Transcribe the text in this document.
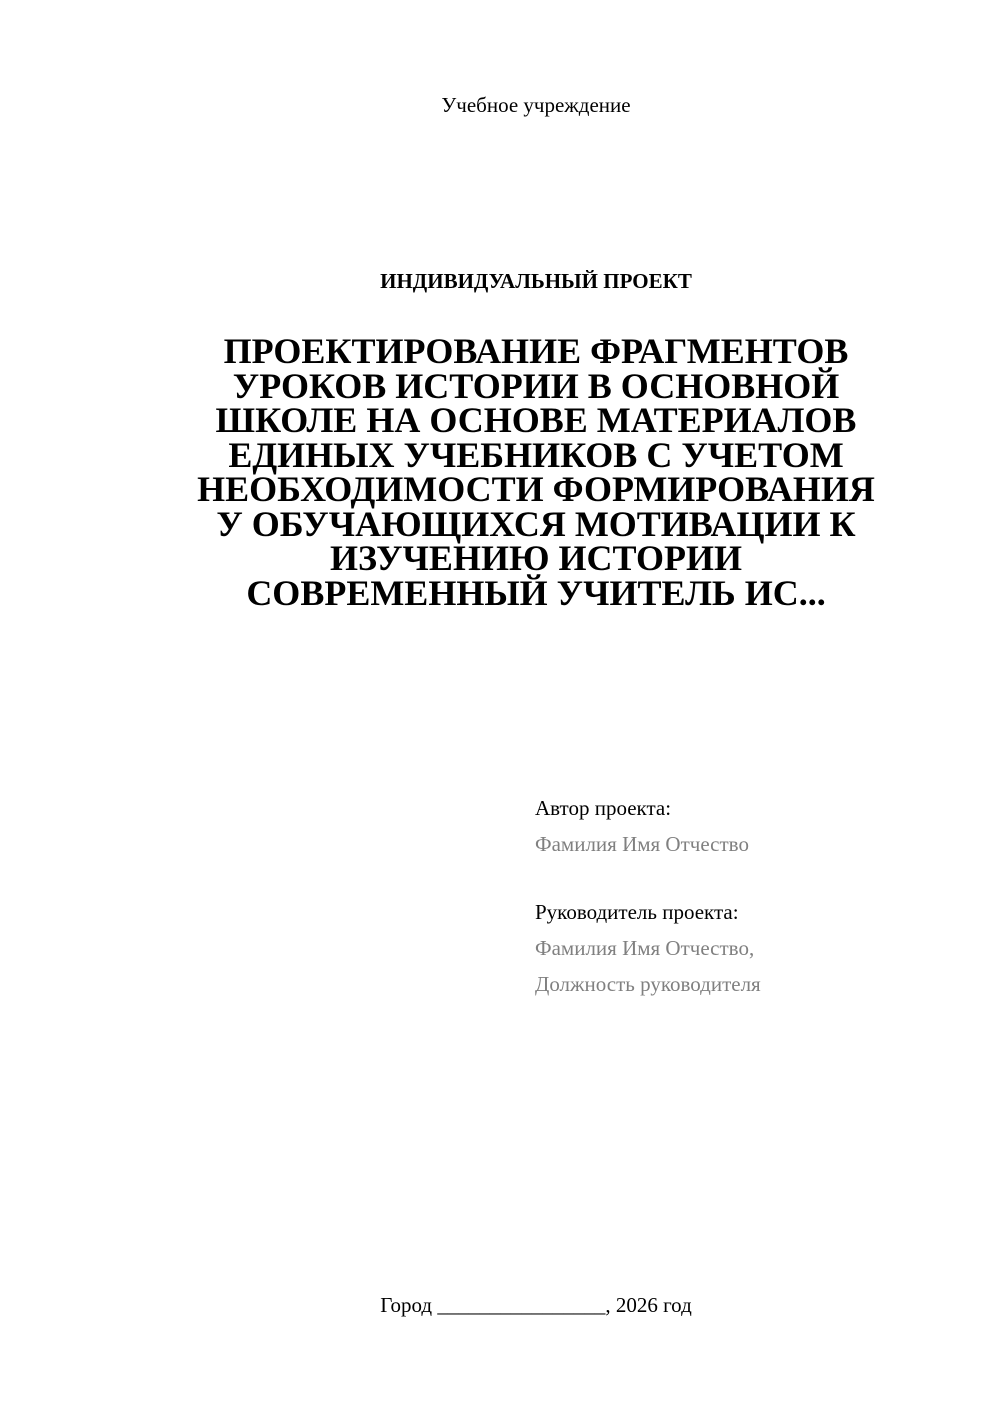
Учебное учреждение
ИНДИВИДУАЛЬНЫЙ ПРОЕКТ
ПРОЕКТИРОВАНИЕ ФРАГМЕНТОВ
УРОКОВ ИСТОРИИ В ОСНОВНОЙ
ШКОЛЕ НА ОСНОВЕ МАТЕРИАЛОВ
ЕДИНЫХ УЧЕБНИКОВ С УЧЕТОМ
НЕОБХОДИМОСТИ ФОРМИРОВАНИЯ
У ОБУЧАЮЩИХСЯ МОТИВАЦИИ К
ИЗУЧЕНИЮ ИСТОРИИ
СОВРЕМЕННЫЙ УЧИТЕЛЬ ИС...
Автор проекта:
Фамилия Имя Отчество
Руководитель проекта:
Фамилия Имя Отчество,
Должность руководителя
Город ________________, 2026 год
